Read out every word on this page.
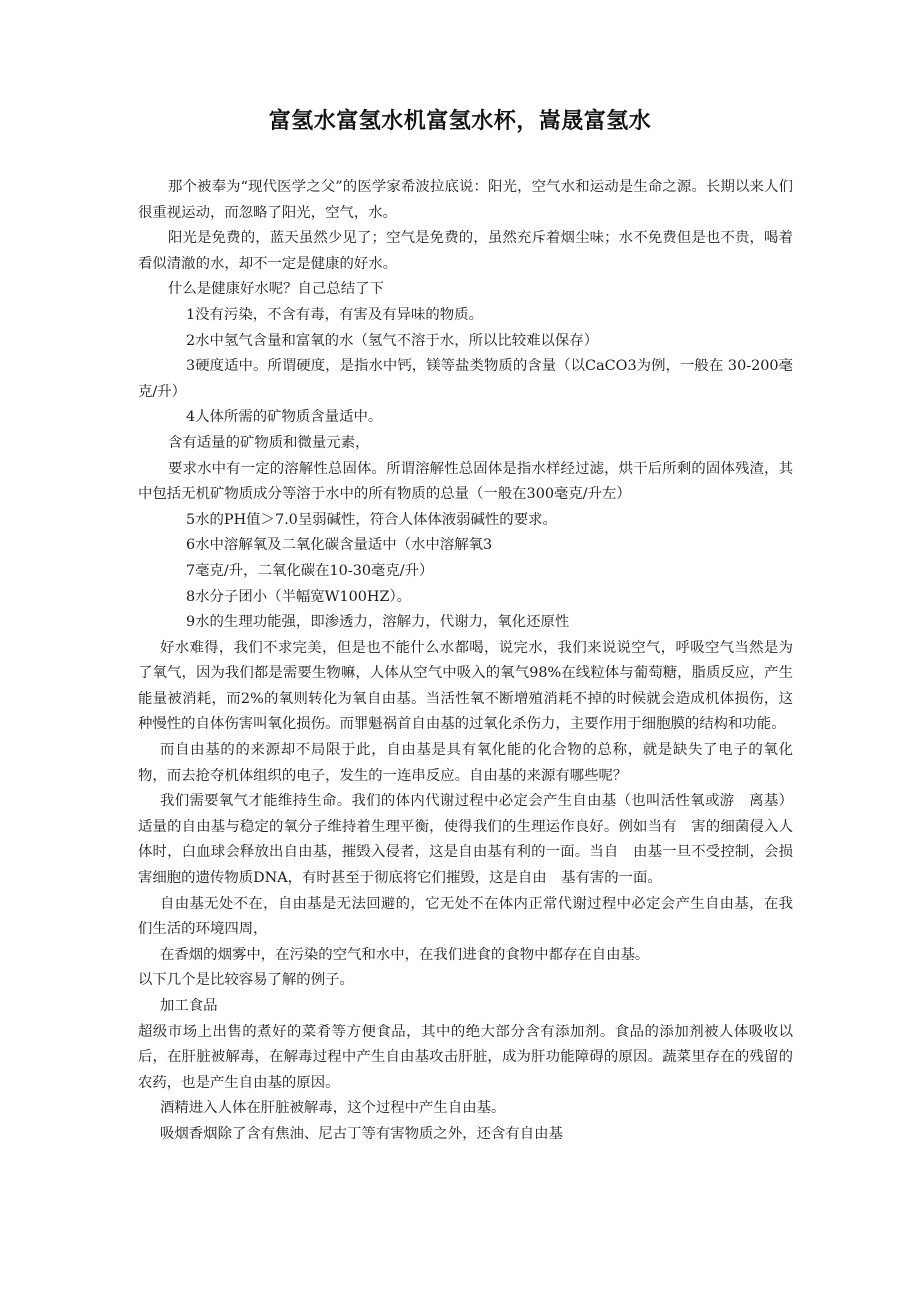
富氢水富氢水机富氢水杯，嵩晟富氢水

那个被奉为“现代医学之父”的医学家希波拉底说：阳光，空气水和运动是生命之源。长期以来人们很重视运动，而忽略了阳光，空气，水。

阳光是免费的，蓝天虽然少见了；空气是免费的，虽然充斥着烟尘味；水不免费但是也不贵，喝着看似清澈的水，却不一定是健康的好水。

什么是健康好水呢？自己总结了下

1没有污染，不含有毒，有害及有异味的物质。

2水中氢气含量和富氧的水（氢气不溶于水，所以比较难以保存）

3硬度适中。所谓硬度，是指水中钙，镁等盐类物质的含量（以CaCO3为例，一般在 30-200毫克/升）

4人体所需的矿物质含量适中。

含有适量的矿物质和微量元素，

要求水中有一定的溶解性总固体。所谓溶解性总固体是指水样经过滤，烘干后所剩的固体残渣，其中包括无机矿物质成分等溶于水中的所有物质的总量（一般在300毫克/升左）

5水的PH值＞7.0呈弱碱性，符合人体体液弱碱性的要求。

6水中溶解氧及二氧化碳含量适中（水中溶解氧3

7毫克/升，二氧化碳在10-30毫克/升）

8水分子团小（半幅宽W100HZ）。

9水的生理功能强，即渗透力，溶解力，代谢力，氧化还原性

好水难得，我们不求完美，但是也不能什么水都喝，说完水，我们来说说空气，呼吸空气当然是为了氧气，因为我们都是需要生物嘛，人体从空气中吸入的氧气98%在线粒体与葡萄糖，脂质反应，产生能量被消耗，而2%的氧则转化为氧自由基。当活性氧不断增殖消耗不掉的时候就会造成机体损伤，这种慢性的自体伤害叫氧化损伤。而罪魁祸首自由基的过氧化杀伤力，主要作用于细胞膜的结构和功能。

而自由基的的来源却不局限于此，自由基是具有氧化能的化合物的总称，就是缺失了电子的氧化物，而去抢夺机体组织的电子，发生的一连串反应。自由基的来源有哪些呢？

我们需要氧气才能维持生命。我们的体内代谢过程中必定会产生自由基（也叫活性氧或游　离基）适量的自由基与稳定的氧分子维持着生理平衡，使得我们的生理运作良好。例如当有　害的细菌侵入人体时，白血球会释放出自由基，摧毁入侵者，这是自由基有利的一面。当自　由基一旦不受控制，会损害细胞的遗传物质DNA，有时甚至于彻底将它们摧毁，这是自由　基有害的一面。

自由基无处不在，自由基是无法回避的，它无处不在体内正常代谢过程中必定会产生自由基，在我们生活的环境四周，

在香烟的烟雾中，在污染的空气和水中，在我们进食的食物中都存在自由基。

以下几个是比较容易了解的例子。

加工食品

超级市场上出售的煮好的菜肴等方便食品，其中的绝大部分含有添加剂。食品的添加剂被人体吸收以后，在肝脏被解毒，在解毒过程中产生自由基攻击肝脏，成为肝功能障碍的原因。蔬菜里存在的残留的农药，也是产生自由基的原因。

酒精进入人体在肝脏被解毒，这个过程中产生自由基。

吸烟香烟除了含有焦油、尼古丁等有害物质之外，还含有自由基
